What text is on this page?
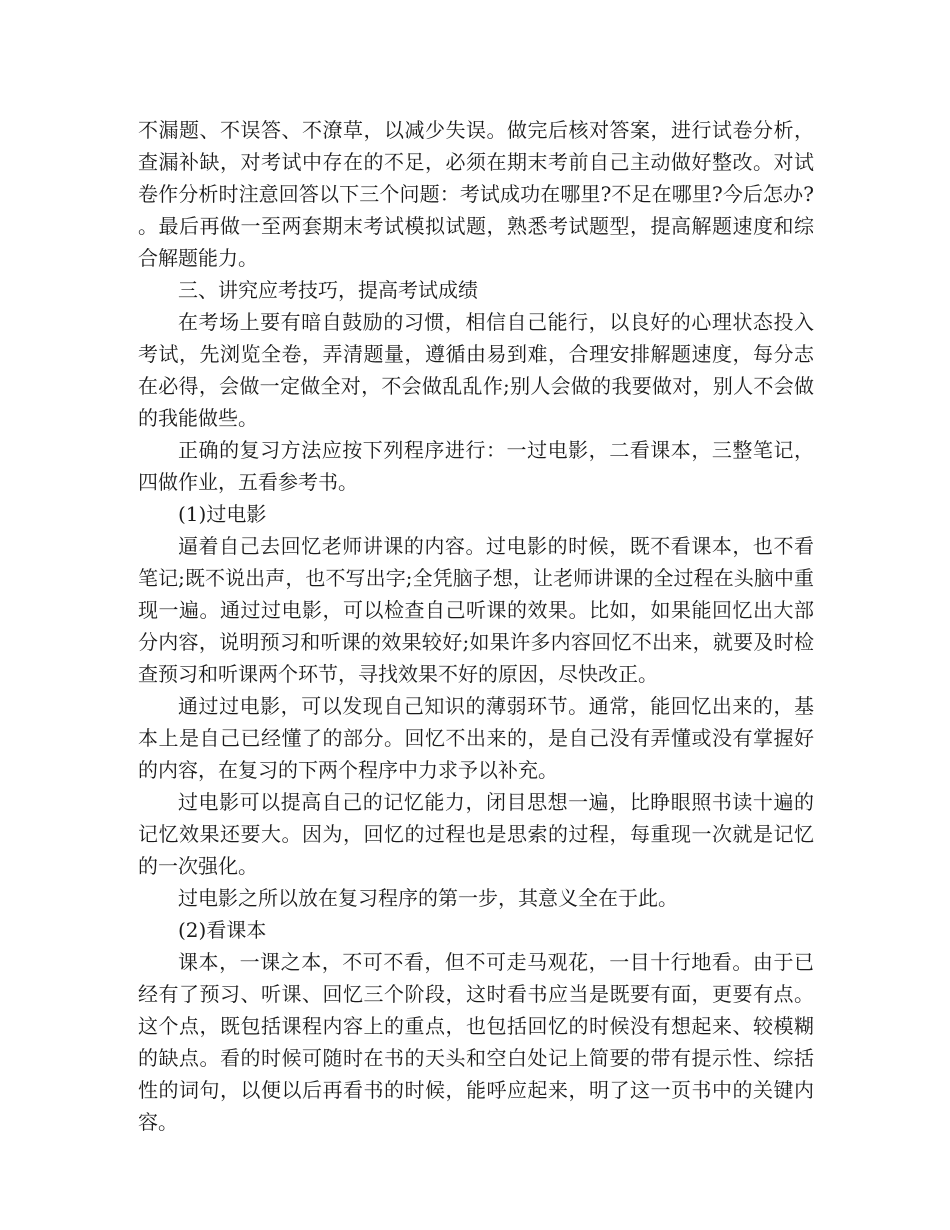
不漏题、不误答、不潦草，以减少失误。做完后核对答案，进行试卷分析，查漏补缺，对考试中存在的不足，必须在期末考前自己主动做好整改。对试卷作分析时注意回答以下三个问题：考试成功在哪里?不足在哪里?今后怎办?。最后再做一至两套期末考试模拟试题，熟悉考试题型，提高解题速度和综合解题能力。

三、讲究应考技巧，提高考试成绩

在考场上要有暗自鼓励的习惯，相信自己能行，以良好的心理状态投入考试，先浏览全卷，弄清题量，遵循由易到难，合理安排解题速度，每分志在必得，会做一定做全对，不会做乱乱作;别人会做的我要做对，别人不会做的我能做些。

正确的复习方法应按下列程序进行：一过电影，二看课本，三整笔记，四做作业，五看参考书。

(1)过电影

逼着自己去回忆老师讲课的内容。过电影的时候，既不看课本，也不看笔记;既不说出声，也不写出字;全凭脑子想，让老师讲课的全过程在头脑中重现一遍。通过过电影，可以检查自己听课的效果。比如，如果能回忆出大部分内容，说明预习和听课的效果较好;如果许多内容回忆不出来，就要及时检查预习和听课两个环节，寻找效果不好的原因，尽快改正。

通过过电影，可以发现自己知识的薄弱环节。通常，能回忆出来的，基本上是自己已经懂了的部分。回忆不出来的，是自己没有弄懂或没有掌握好的内容，在复习的下两个程序中力求予以补充。

过电影可以提高自己的记忆能力，闭目思想一遍，比睁眼照书读十遍的记忆效果还要大。因为，回忆的过程也是思索的过程，每重现一次就是记忆的一次强化。

过电影之所以放在复习程序的第一步，其意义全在于此。

(2)看课本

课本，一课之本，不可不看，但不可走马观花，一目十行地看。由于已经有了预习、听课、回忆三个阶段，这时看书应当是既要有面，更要有点。这个点，既包括课程内容上的重点，也包括回忆的时候没有想起来、较模糊的缺点。看的时候可随时在书的天头和空白处记上简要的带有提示性、综括性的词句，以便以后再看书的时候，能呼应起来，明了这一页书中的关键内容。
